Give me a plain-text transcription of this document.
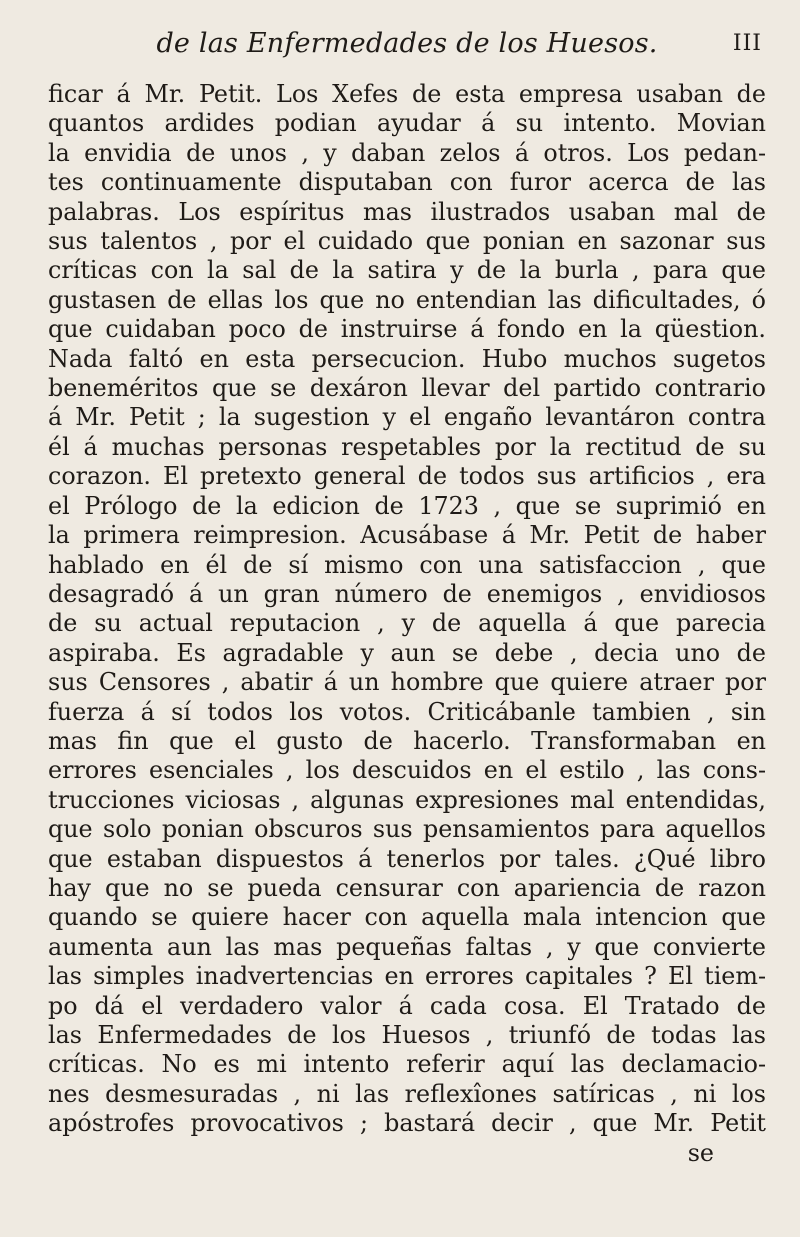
de las Enfermedades de los Huesos.	III
ficar á Mr. Petit. Los Xefes de esta empresa usaban de
quantos ardides podian ayudar á su intento. Movian
la envidia de unos , y daban zelos á otros. Los pedan-
tes continuamente disputaban con furor acerca de las
palabras. Los espíritus mas ilustrados usaban mal de
sus talentos , por el cuidado que ponian en sazonar sus
críticas con la sal de la satira y de la burla , para que
gustasen de ellas los que no entendian las dificultades, ó
que cuidaban poco de instruirse á fondo en la qüestion.
Nada faltó en esta persecucion. Hubo muchos sugetos
beneméritos que se dexáron llevar del partido contrario
á Mr. Petit ; la sugestion y el engaño levantáron contra
él á muchas personas respetables por la rectitud de su
corazon. El pretexto general de todos sus artificios , era
el Prólogo de la edicion de 1723 , que se suprimió en
la primera reimpresion. Acusábase á Mr. Petit de haber
hablado en él de sí mismo con una satisfaccion , que
desagradó á un gran número de enemigos , envidiosos
de su actual reputacion , y de aquella á que parecia
aspiraba. Es agradable y aun se debe , decia uno de
sus Censores , abatir á un hombre que quiere atraer por
fuerza á sí todos los votos. Criticábanle tambien , sin
mas fin que el gusto de hacerlo. Transformaban en
errores esenciales , los descuidos en el estilo , las cons-
trucciones viciosas , algunas expresiones mal entendidas,
que solo ponian obscuros sus pensamientos para aquellos
que estaban dispuestos á tenerlos por tales. ¿Qué libro
hay que no se pueda censurar con apariencia de razon
quando se quiere hacer con aquella mala intencion que
aumenta aun las mas pequeñas faltas , y que convierte
las simples inadvertencias en errores capitales ? El tiem-
po dá el verdadero valor á cada cosa. El Tratado de
las Enfermedades de los Huesos , triunfó de todas las
críticas. No es mi intento referir aquí las declamacio-
nes desmesuradas , ni las reflexîones satíricas , ni los
apóstrofes provocativos ; bastará decir , que Mr. Petit
se
